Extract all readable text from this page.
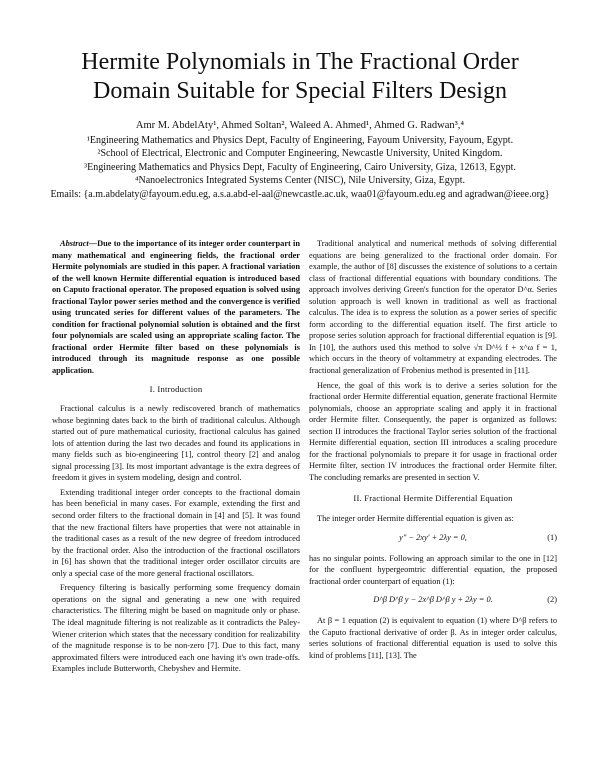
Hermite Polynomials in The Fractional Order
Domain Suitable for Special Filters Design
Amr M. AbdelAty¹, Ahmed Soltan², Waleed A. Ahmed¹, Ahmed G. Radwan³,⁴
¹Engineering Mathematics and Physics Dept, Faculty of Engineering, Fayoum University, Fayoum, Egypt.
²School of Electrical, Electronic and Computer Engineering, Newcastle University, United Kingdom.
³Engineering Mathematics and Physics Dept, Faculty of Engineering, Cairo University, Giza, 12613, Egypt.
⁴Nanoelectronics Integrated Systems Center (NISC), Nile University, Giza, Egypt.
Emails: {a.m.abdelaty@fayoum.edu.eg, a.s.a.abd-el-aal@newcastle.ac.uk, waa01@fayoum.edu.eg and agradwan@ieee.org}

Abstract—Due to the importance of its integer order counterpart in many mathematical and engineering fields, the fractional order Hermite polynomials are studied in this paper. A fractional variation of the well known Hermite differential equation is introduced based on Caputo fractional operator. The proposed equation is solved using fractional Taylor power series method and the convergence is verified using truncated series for different values of the parameters. The condition for fractional polynomial solution is obtained and the first four polynomials are scaled using an appropriate scaling factor. The fractional order Hermite filter based on these polynomials is introduced through its magnitude response as one possible application.

I. Introduction

Fractional calculus is a newly rediscovered branch of mathematics whose beginning dates back to the birth of traditional calculus. Although started out of pure mathematical curiosity, fractional calculus has gained lots of attention during the last two decades and found its applications in many fields such as bio-engineering [1], control theory [2] and analog signal processing [3]. Its most important advantage is the extra degrees of freedom it gives in system modeling, design and control.

Extending traditional integer order concepts to the fractional domain has been beneficial in many cases. For example, extending the first and second order filters to the fractional domain in [4] and [5]. It was found that the new fractional filters have properties that were not attainable in the traditional cases as a result of the new degree of freedom introduced by the fractional order. Also the introduction of the fractional oscillators in [6] has shown that the traditional integer order oscillator circuits are only a special case of the more general fractional oscillators.

Frequency filtering is basically performing some frequency domain operations on the signal and generating a new one with required characteristics. The filtering might be based on magnitude only or phase. The ideal magnitude filtering is not realizable as it contradicts the Paley-Wiener criterion which states that the necessary condition for realizability of the magnitude response is to be non-zero [7]. Due to this fact, many approximated filters were introduced each one having it's own trade-offs. Examples include Butterworth, Chebyshev and Hermite.

Traditional analytical and numerical methods of solving differential equations are being generalized to the fractional order domain. For example, the author of [8] discusses the existence of solutions to a certain class of fractional differential equations with boundary conditions. The approach involves deriving Green's function for the operator D^α. Series solution approach is well known in traditional as well as fractional calculus. The idea is to express the solution as a power series of specific form according to the differential equation itself. The first article to propose series solution approach for fractional differential equation is [9]. In [10], the authors used this method to solve √π D^½ f + x^ω f = 1, which occurs in the theory of voltammetry at expanding electrodes. The fractional generalization of Frobenius method is presented in [11].

Hence, the goal of this work is to derive a series solution for the fractional order Hermite differential equation, generate fractional Hermite polynomials, choose an appropriate scaling and apply it in fractional order Hermite filter. Consequently, the paper is organized as follows: section II introduces the fractional Taylor series solution of the fractional Hermite differential equation, section III introduces a scaling procedure for the fractional polynomials to prepare it for usage in fractional order Hermite filter, section IV introduces the fractional order Hermite filter. The concluding remarks are presented in section V.

II. Fractional Hermite Differential Equation

The integer order Hermite differential equation is given as:

y″ − 2xy′ + 2λy = 0,	(1)

has no singular points. Following an approach similar to the one in [12] for the confluent hypergeomtric differential equation, the proposed fractional order counterpart of equation (1):

D^β D^β y − 2x^β D^β y + 2λy = 0.	(2)

At β = 1 equation (2) is equivalent to equation (1) where D^β refers to the Caputo fractional derivative of order β. As in integer order calculus, series solutions of fractional differential equation is used to solve this kind of problems [11], [13]. The
